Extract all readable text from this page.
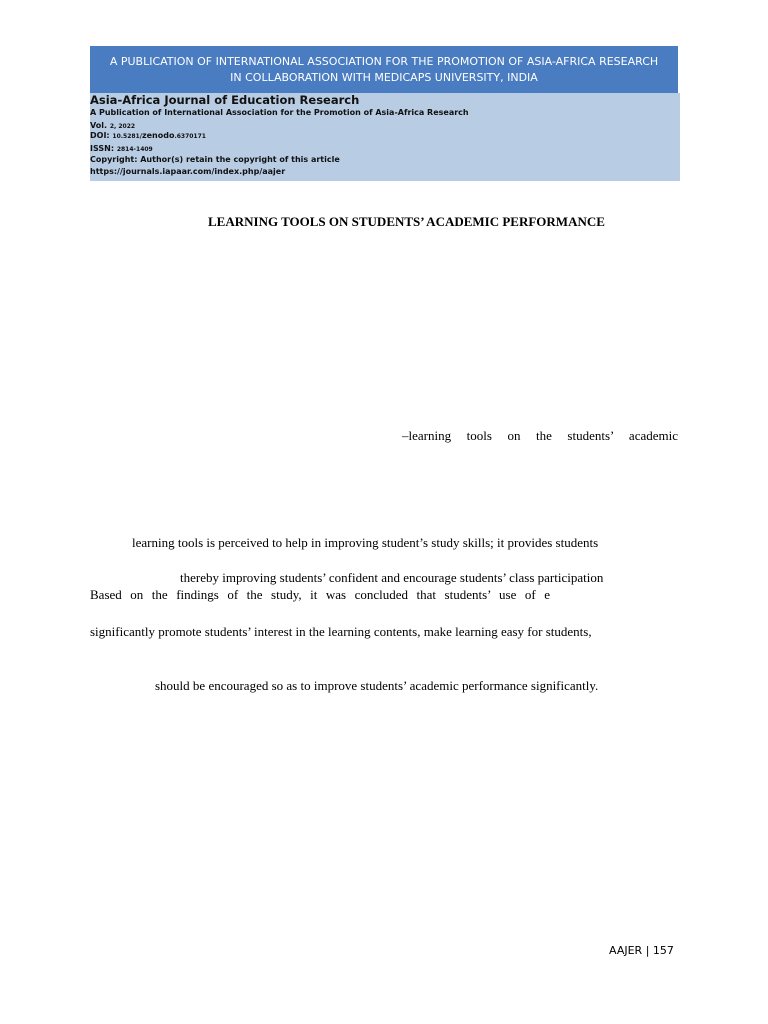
A PUBLICATION OF INTERNATIONAL ASSOCIATION FOR THE PROMOTION OF ASIA-AFRICA RESEARCH
IN COLLABORATION WITH MEDICAPS UNIVERSITY, INDIA
Asia-Africa Journal of Education Research
A Publication of International Association for the Promotion of Asia-Africa Research
Vol. 2, 2022
DOI: 10.5281/zenodo.6370171
ISSN: 2814-1409
Copyright: Author(s) retain the copyright of this article
https://journals.iapaar.com/index.php/aajer
LEARNING TOOLS ON STUDENTS’ ACADEMIC PERFORMANCE
–learning tools on the students’ academic
learning tools is perceived to help in improving student’s study skills; it provides students
thereby improving students’ confident and encourage students’ class participation
Based on the findings of the study, it was concluded that students’ use of e
significantly promote students’ interest in the learning contents, make learning easy for students,
should be encouraged so as to improve students’ academic performance significantly.
AAJER | 157
